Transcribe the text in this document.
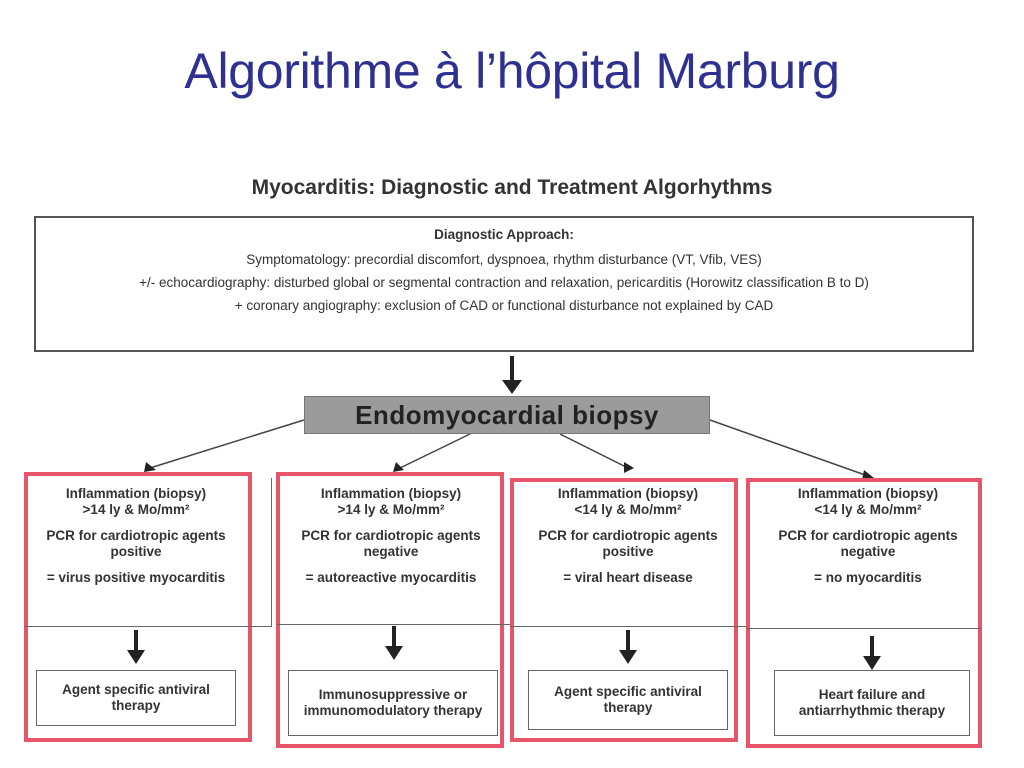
Algorithme à l’hôpital Marburg
Myocarditis: Diagnostic and Treatment Algorhythms
Diagnostic Approach:
Symptomatology: precordial discomfort, dyspnoea, rhythm disturbance (VT, Vfib, VES)
+/- echocardiography: disturbed global or segmental contraction and relaxation, pericarditis (Horowitz classification B to D)
+ coronary angiography: exclusion of CAD or functional disturbance not explained by CAD
Endomyocardial biopsy
Inflammation (biopsy)
>14 ly & Mo/mm²
PCR for cardiotropic agents positive
= virus positive myocarditis
Agent specific antiviral therapy
Inflammation (biopsy)
>14 ly & Mo/mm²
PCR for cardiotropic agents negative
= autoreactive myocarditis
Immunosuppressive or immunomodulatory therapy
Inflammation (biopsy)
<14 ly & Mo/mm²
PCR for cardiotropic agents positive
= viral heart disease
Agent specific antiviral therapy
Inflammation (biopsy)
<14 ly & Mo/mm²
PCR for cardiotropic agents negative
= no myocarditis
Heart failure and antiarrhythmic therapy
